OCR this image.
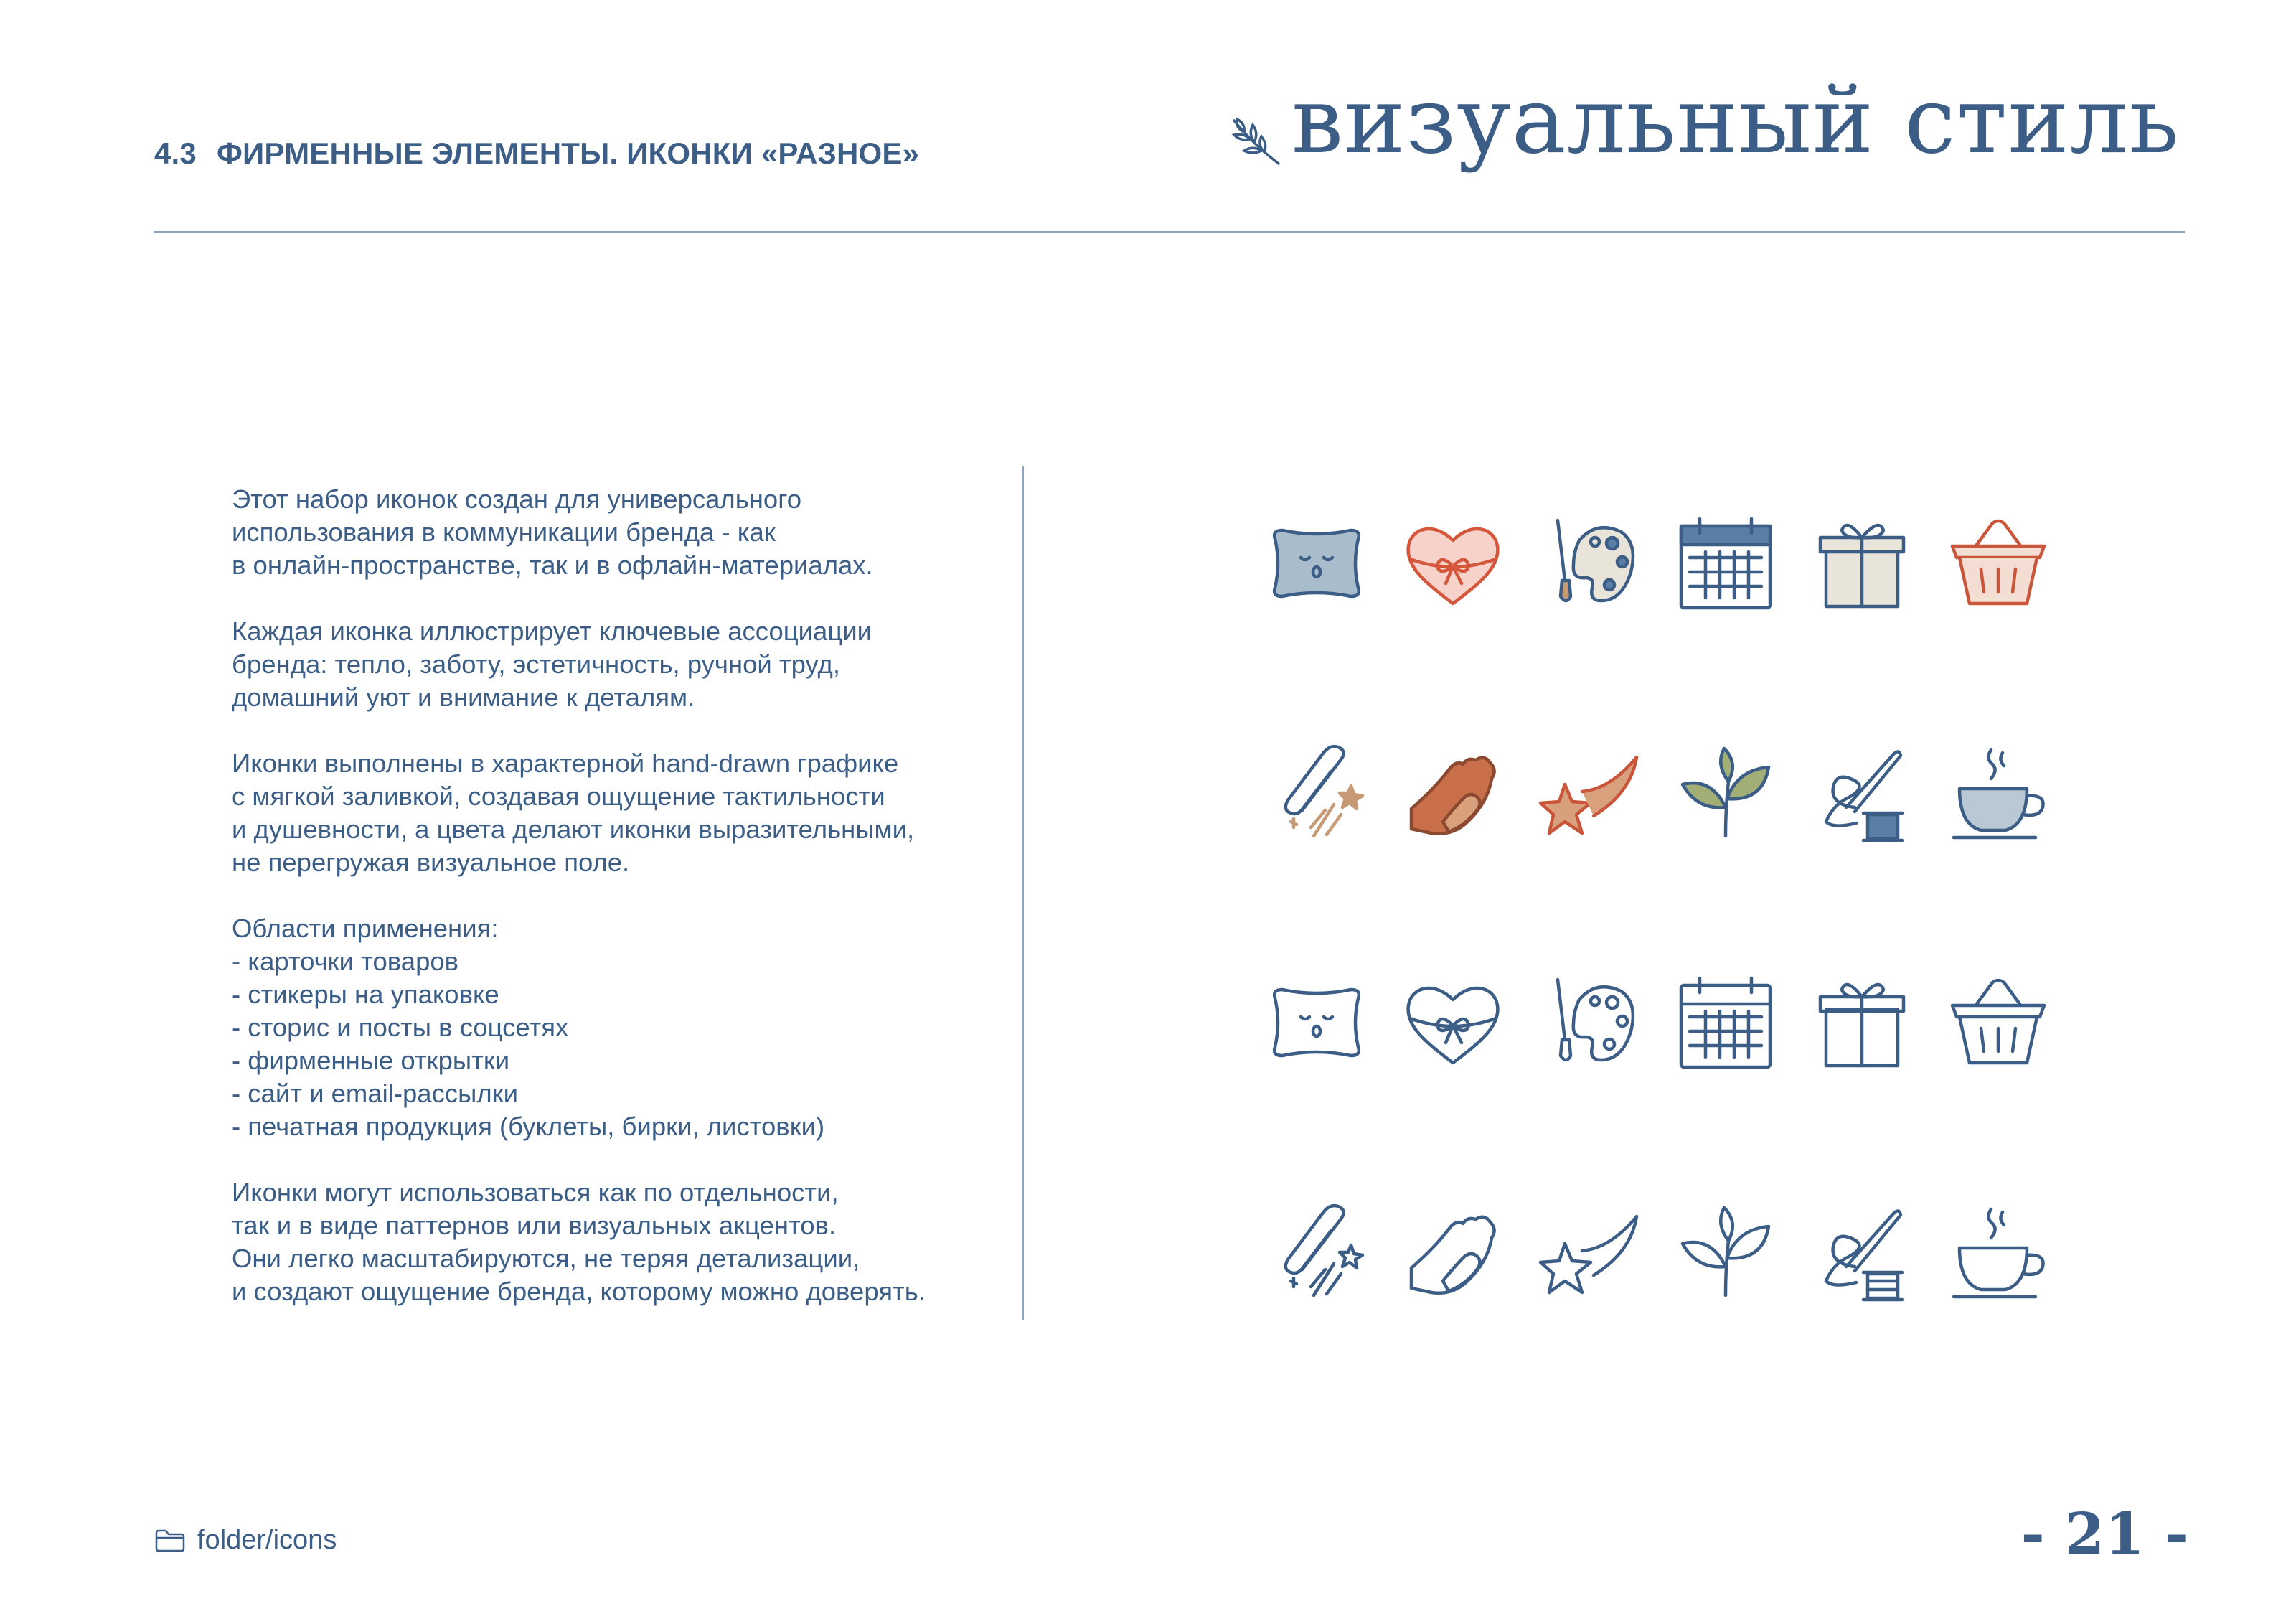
4.3 ФИРМЕННЫЕ ЭЛЕМЕНТЫ. ИКОНКИ «РАЗНОЕ»	визуальный стиль

Этот набор иконок создан для универсального
использования в коммуникации бренда - как
в онлайн-пространстве, так и в офлайн-материалах.

Каждая иконка иллюстрирует ключевые ассоциации
бренда: тепло, заботу, эстетичность, ручной труд,
домашний уют и внимание к деталям.

Иконки выполнены в характерной hand-drawn графике
с мягкой заливкой, создавая ощущение тактильности
и душевности, а цвета делают иконки выразительными,
не перегружая визуальное поле.

Области применения:
- карточки товаров
- стикеры на упаковке
- сторис и посты в соцсетях
- фирменные открытки
- сайт и email-рассылки
- печатная продукция (буклеты, бирки, листовки)

Иконки могут использоваться как по отдельности,
так и в виде паттернов или визуальных акцентов.
Они легко масштабируются, не теряя детализации,
и создают ощущение бренда, которому можно доверять.

folder/icons	- 21 -
